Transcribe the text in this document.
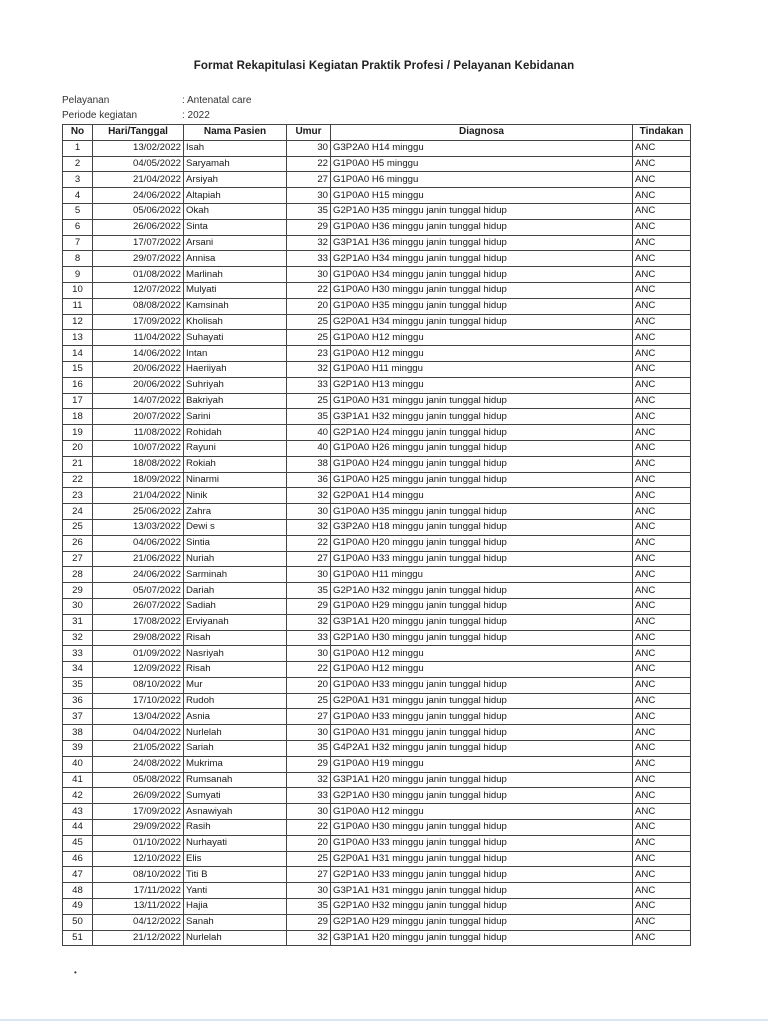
Format Rekapitulasi Kegiatan Praktik Profesi / Pelayanan Kebidanan
Pelayanan	: Antenatal care
Periode kegiatan	: 2022
No	Hari/Tanggal	Nama Pasien	Umur	Diagnosa	Tindakan
1	13/02/2022	Isah	30	G3P2A0 H14 minggu	ANC
2	04/05/2022	Saryamah	22	G1P0A0 H5 minggu	ANC
3	21/04/2022	Arsiyah	27	G1P0A0 H6 minggu	ANC
4	24/06/2022	Altapiah	30	G1P0A0 H15 minggu	ANC
5	05/06/2022	Okah	35	G2P1A0 H35 minggu janin tunggal hidup	ANC
6	26/06/2022	Sinta	29	G1P0A0 H36 minggu janin tunggal hidup	ANC
7	17/07/2022	Arsani	32	G3P1A1 H36 minggu janin tunggal hidup	ANC
8	29/07/2022	Annisa	33	G2P1A0 H34 minggu janin tunggal hidup	ANC
9	01/08/2022	Marlinah	30	G1P0A0 H34 minggu janin tunggal hidup	ANC
10	12/07/2022	Mulyati	22	G1P0A0 H30 minggu janin tunggal hidup	ANC
11	08/08/2022	Kamsinah	20	G1P0A0 H35 minggu janin tunggal hidup	ANC
12	17/09/2022	Kholisah	25	G2P0A1 H34 minggu janin tunggal hidup	ANC
13	11/04/2022	Suhayati	25	G1P0A0 H12 minggu	ANC
14	14/06/2022	Intan	23	G1P0A0 H12 minggu	ANC
15	20/06/2022	Haeriiyah	32	G1P0A0 H11 minggu	ANC
16	20/06/2022	Suhriyah	33	G2P1A0 H13 minggu	ANC
17	14/07/2022	Bakriyah	25	G1P0A0 H31 minggu janin tunggal hidup	ANC
18	20/07/2022	Sarini	35	G3P1A1 H32 minggu janin tunggal hidup	ANC
19	11/08/2022	Rohidah	40	G2P1A0 H24 minggu janin tunggal hidup	ANC
20	10/07/2022	Rayuni	40	G1P0A0 H26 minggu janin tunggal hidup	ANC
21	18/08/2022	Rokiah	38	G1P0A0 H24 minggu janin tunggal hidup	ANC
22	18/09/2022	Ninarmi	36	G1P0A0 H25 minggu janin tunggal hidup	ANC
23	21/04/2022	Ninik	32	G2P0A1 H14 minggu	ANC
24	25/06/2022	Zahra	30	G1P0A0 H35 minggu janin tunggal hidup	ANC
25	13/03/2022	Dewi s	32	G3P2A0 H18 minggu janin tunggal hidup	ANC
26	04/06/2022	Sintia	22	G1P0A0 H20 minggu janin tunggal hidup	ANC
27	21/06/2022	Nuriah	27	G1P0A0 H33 minggu janin tunggal hidup	ANC
28	24/06/2022	Sarminah	30	G1P0A0 H11 minggu	ANC
29	05/07/2022	Dariah	35	G2P1A0 H32 minggu janin tunggal hidup	ANC
30	26/07/2022	Sadiah	29	G1P0A0 H29 minggu janin tunggal hidup	ANC
31	17/08/2022	Erviyanah	32	G3P1A1 H20 minggu janin tunggal hidup	ANC
32	29/08/2022	Risah	33	G2P1A0 H30 minggu janin tunggal hidup	ANC
33	01/09/2022	Nasriyah	30	G1P0A0 H12 minggu	ANC
34	12/09/2022	Risah	22	G1P0A0 H12 minggu	ANC
35	08/10/2022	Mur	20	G1P0A0 H33 minggu janin tunggal hidup	ANC
36	17/10/2022	Rudoh	25	G2P0A1 H31 minggu janin tunggal hidup	ANC
37	13/04/2022	Asnia	27	G1P0A0 H33 minggu janin tunggal hidup	ANC
38	04/04/2022	Nurlelah	30	G1P0A0 H31 minggu janin tunggal hidup	ANC
39	21/05/2022	Sariah	35	G4P2A1 H32 minggu janin tunggal hidup	ANC
40	24/08/2022	Mukrima	29	G1P0A0 H19 minggu	ANC
41	05/08/2022	Rumsanah	32	G3P1A1 H20 minggu janin tunggal hidup	ANC
42	26/09/2022	Sumyati	33	G2P1A0 H30 minggu janin tunggal hidup	ANC
43	17/09/2022	Asnawiyah	30	G1P0A0 H12 minggu	ANC
44	29/09/2022	Rasih	22	G1P0A0 H30 minggu janin tunggal hidup	ANC
45	01/10/2022	Nurhayati	20	G1P0A0 H33 minggu janin tunggal hidup	ANC
46	12/10/2022	Elis	25	G2P0A1 H31 minggu janin tunggal hidup	ANC
47	08/10/2022	Titi B	27	G2P1A0 H33 minggu janin tunggal hidup	ANC
48	17/11/2022	Yanti	30	G3P1A1 H31 minggu janin tunggal hidup	ANC
49	13/11/2022	Hajia	35	G2P1A0 H32 minggu janin tunggal hidup	ANC
50	04/12/2022	Sanah	29	G2P1A0 H29 minggu janin tunggal hidup	ANC
51	21/12/2022	Nurlelah	32	G3P1A1 H20 minggu janin tunggal hidup	ANC
•
